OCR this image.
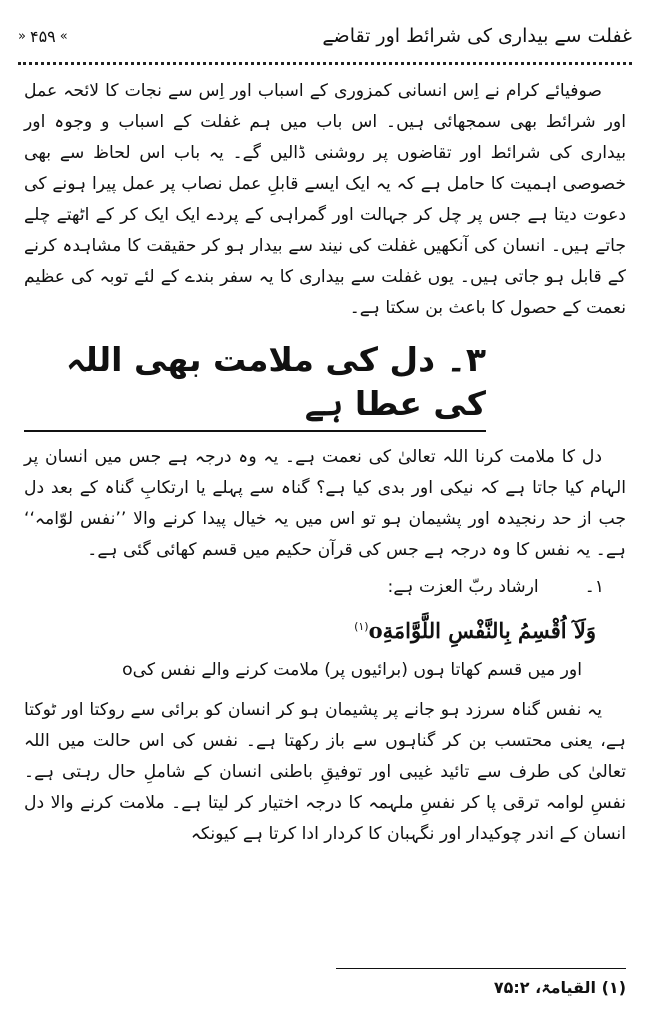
غفلت سے بیداری کی شرائط اور تقاضے
»
۴۵۹
«

صوفیائے کرام نے اِس انسانی کمزوری کے اسباب اور اِس سے نجات کا لائحہ عمل اور شرائط بھی سمجھائی ہیں۔ اس باب میں ہم غفلت کے اسباب و وجوہ اور بیداری کی شرائط اور تقاضوں پر روشنی ڈالیں گے۔ یہ باب اس لحاظ سے بھی خصوصی اہمیت کا حامل ہے کہ یہ ایک ایسے قابلِ عمل نصاب پر عمل پیرا ہونے کی دعوت دیتا ہے جس پر چل کر جہالت اور گمراہی کے پردے ایک ایک کر کے اٹھتے چلے جاتے ہیں۔ انسان کی آنکھیں غفلت کی نیند سے بیدار ہو کر حقیقت کا مشاہدہ کرنے کے قابل ہو جاتی ہیں۔ یوں غفلت سے بیداری کا یہ سفر بندے کے لئے توبہ کی عظیم نعمت کے حصول کا باعث بن سکتا ہے۔

۳۔ دل کی ملامت بھی اللہ کی عطا ہے

دل کا ملامت کرنا اللہ تعالیٰ کی نعمت ہے۔ یہ وہ درجہ ہے جس میں انسان پر الہام کیا جاتا ہے کہ نیکی اور بدی کیا ہے؟ گناہ سے پہلے یا ارتکابِ گناہ کے بعد دل جب از حد رنجیدہ اور پشیمان ہو تو اس میں یہ خیال پیدا کرنے والا ’’نفس لوّامہ‘‘ ہے۔ یہ نفس کا وہ درجہ ہے جس کی قرآن حکیم میں قسم کھائی گئی ہے۔

١۔
ارشاد ربّ العزت ہے:
وَلَآ اُقْسِمُ بِالنَّفْسِ $اللَّوَّامَةِo^{(١)}$
اور میں قسم کھاتا ہوں (برائیوں پر) ملامت کرنے والے نفس کیo

یہ نفس گناہ سرزد ہو جانے پر پشیمان ہو کر انسان کو برائی سے روکتا اور ٹوکتا ہے، یعنی محتسب بن کر گناہوں سے باز رکھتا ہے۔ نفس کی اس حالت میں اللہ تعالیٰ کی طرف سے تائید غیبی اور توفیقِ باطنی انسان کے شاملِ حال رہتی ہے۔ نفسِ لوامہ ترقی پا کر نفسِ ملہمہ کا درجہ اختیار کر لیتا ہے۔ ملامت کرنے والا دل انسان کے اندر چوکیدار اور نگہبان کا کردار ادا کرتا ہے کیونکہ

(١) القیامۃ، ۷۵:۲
